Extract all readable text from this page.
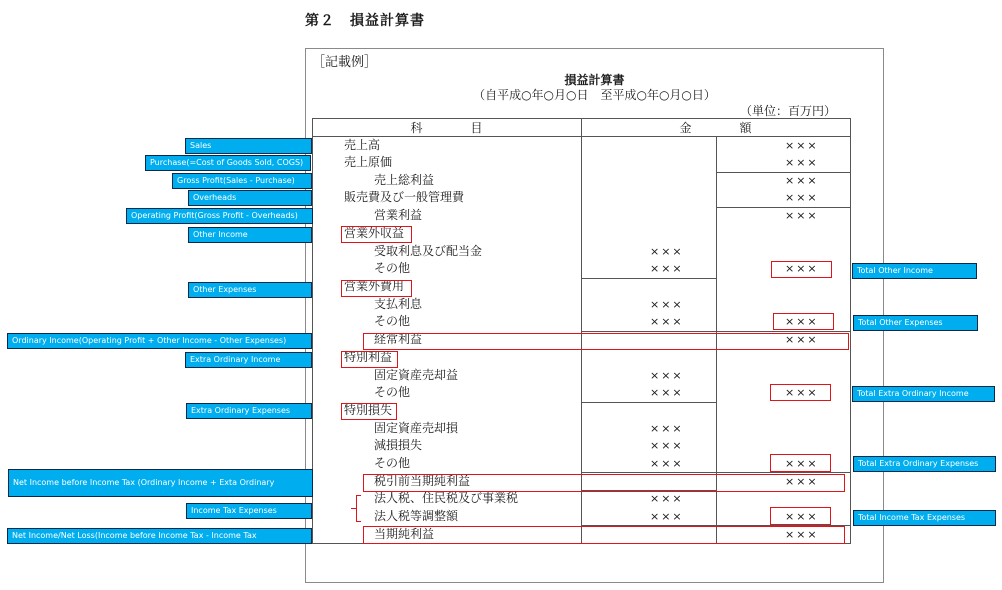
第２　損益計算書
［記載例］
損益計算書
（自平成○年○月○日　至平成○年○月○日）
（単位：百万円）
科　　　　目	金　　　　額
売上高
売上原価
売上総利益
販売費及び一般管理費
営業利益
営業外収益
受取利息及び配当金
その他
営業外費用
支払利息
その他
経常利益
特別利益
固定資産売却益
その他
特別損失
固定資産売却損
減損損失
その他
税引前当期純利益
法人税、住民税及び事業税
法人税等調整額
当期純利益
×××
×××
×××
×××
×××
×××
×××
×××
×××
×××
×××
×××
×××
×××
×××
×××
×××
×××
×××
×××
×××
×××
×××
×××
Sales
Purchase(=Cost of Goods Sold, COGS)
Gross Profit(Sales - Purchase)
Overheads
Operating Profit(Gross Profit - Overheads)
Other Income
Other Expenses
Ordinary Income(Operating Profit + Other Income - Other Expenses)
Extra Ordinary Income
Extra Ordinary Expenses
Net Income before Income Tax (Ordinary Income + Exta Ordinary
Income Tax Expenses
Net Income/Net Loss(Income before Income Tax - Income Tax
Total Other Income
Total Other Expenses
Total Extra Ordinary Income
Total Extra Ordinary Expenses
Total Income Tax Expenses
